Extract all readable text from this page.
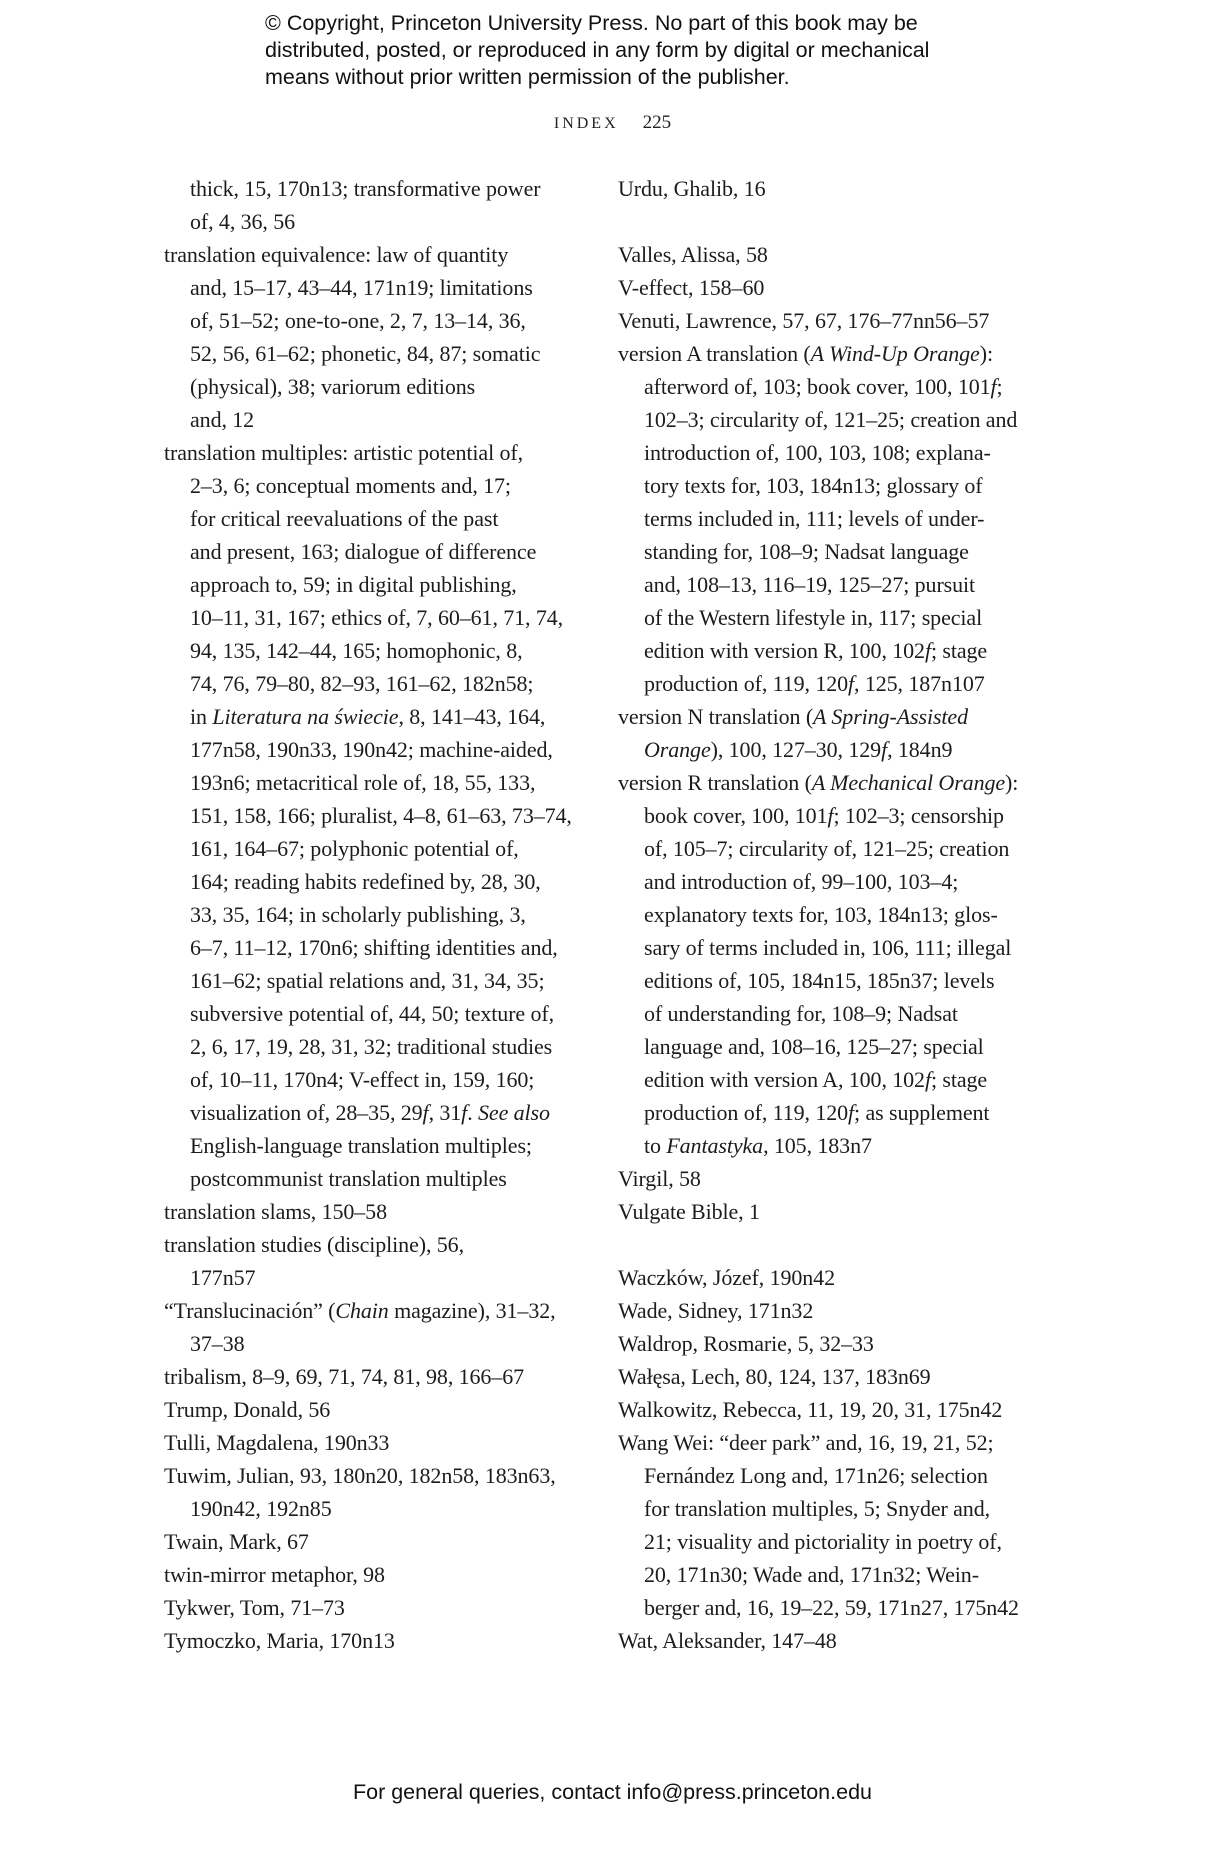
© Copyright, Princeton University Press. No part of this book may be
distributed, posted, or reproduced in any form by digital or mechanical
means without prior written permission of the publisher.
INDEX 225
thick, 15, 170n13; transformative power
of, 4, 36, 56
translation equivalence: law of quantity
and, 15–17, 43–44, 171n19; limitations
of, 51–52; one-to-one, 2, 7, 13–14, 36,
52, 56, 61–62; phonetic, 84, 87; somatic
(physical), 38; variorum editions
and, 12
translation multiples: artistic potential of,
2–3, 6; conceptual moments and, 17;
for critical reevaluations of the past
and present, 163; dialogue of difference
approach to, 59; in digital publishing,
10–11, 31, 167; ethics of, 7, 60–61, 71, 74,
94, 135, 142–44, 165; homophonic, 8,
74, 76, 79–80, 82–93, 161–62, 182n58;
in Literatura na świecie, 8, 141–43, 164,
177n58, 190n33, 190n42; machine-aided,
193n6; metacritical role of, 18, 55, 133,
151, 158, 166; pluralist, 4–8, 61–63, 73–74,
161, 164–67; polyphonic potential of,
164; reading habits redefined by, 28, 30,
33, 35, 164; in scholarly publishing, 3,
6–7, 11–12, 170n6; shifting identities and,
161–62; spatial relations and, 31, 34, 35;
subversive potential of, 44, 50; texture of,
2, 6, 17, 19, 28, 31, 32; traditional studies
of, 10–11, 170n4; V-effect in, 159, 160;
visualization of, 28–35, 29f, 31f. See also
English-language translation multiples;
postcommunist translation multiples
translation slams, 150–58
translation studies (discipline), 56,
177n57
“Translucinación” (Chain magazine), 31–32,
37–38
tribalism, 8–9, 69, 71, 74, 81, 98, 166–67
Trump, Donald, 56
Tulli, Magdalena, 190n33
Tuwim, Julian, 93, 180n20, 182n58, 183n63,
190n42, 192n85
Twain, Mark, 67
twin-mirror metaphor, 98
Tykwer, Tom, 71–73
Tymoczko, Maria, 170n13
Urdu, Ghalib, 16
Valles, Alissa, 58
V-effect, 158–60
Venuti, Lawrence, 57, 67, 176–77nn56–57
version A translation (A Wind-Up Orange):
afterword of, 103; book cover, 100, 101f;
102–3; circularity of, 121–25; creation and
introduction of, 100, 103, 108; explana-
tory texts for, 103, 184n13; glossary of
terms included in, 111; levels of under-
standing for, 108–9; Nadsat language
and, 108–13, 116–19, 125–27; pursuit
of the Western lifestyle in, 117; special
edition with version R, 100, 102f; stage
production of, 119, 120f, 125, 187n107
version N translation (A Spring-Assisted
Orange), 100, 127–30, 129f, 184n9
version R translation (A Mechanical Orange):
book cover, 100, 101f; 102–3; censorship
of, 105–7; circularity of, 121–25; creation
and introduction of, 99–100, 103–4;
explanatory texts for, 103, 184n13; glos-
sary of terms included in, 106, 111; illegal
editions of, 105, 184n15, 185n37; levels
of understanding for, 108–9; Nadsat
language and, 108–16, 125–27; special
edition with version A, 100, 102f; stage
production of, 119, 120f; as supplement
to Fantastyka, 105, 183n7
Virgil, 58
Vulgate Bible, 1
Waczków, Józef, 190n42
Wade, Sidney, 171n32
Waldrop, Rosmarie, 5, 32–33
Wałęsa, Lech, 80, 124, 137, 183n69
Walkowitz, Rebecca, 11, 19, 20, 31, 175n42
Wang Wei: “deer park” and, 16, 19, 21, 52;
Fernández Long and, 171n26; selection
for translation multiples, 5; Snyder and,
21; visuality and pictoriality in poetry of,
20, 171n30; Wade and, 171n32; Wein-
berger and, 16, 19–22, 59, 171n27, 175n42
Wat, Aleksander, 147–48
For general queries, contact info@press.princeton.edu
